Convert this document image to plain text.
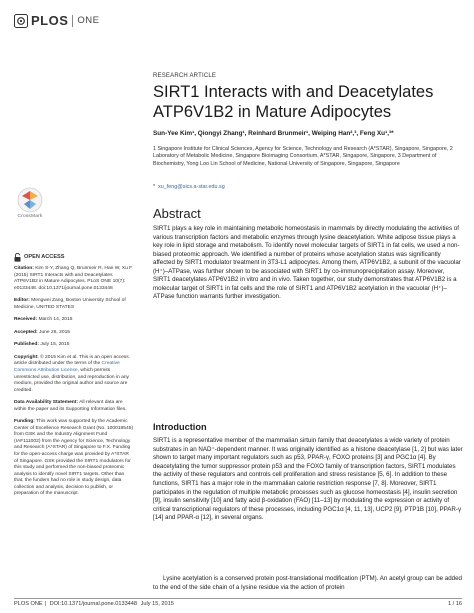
PLOS ONE
RESEARCH ARTICLE
SIRT1 Interacts with and Deacetylates ATP6V1B2 in Mature Adipocytes
Sun-Yee Kim¹, Qiongyi Zhang¹, Reinhard Brunmeir¹, Weiping Han²,³, Feng Xu¹,³*
1 Singapore Institute for Clinical Sciences, Agency for Science, Technology and Research (A*STAR), Singapore, Singapore, 2 Laboratory of Metabolic Medicine, Singapore Bioimaging Consortium, A*STAR, Singapore, Singapore, 3 Department of Biochemistry, Yong Loo Lin School of Medicine, National University of Singapore, Singapore, Singapore
* xu_feng@sics.a-star.edu.sg
Abstract

SIRT1 plays a key role in maintaining metabolic homeostasis in mammals by directly modulating the activities of various transcription factors and metabolic enzymes through lysine deacetylation. White adipose tissue plays a key role in lipid storage and metabolism. To identify novel molecular targets of SIRT1 in fat cells, we used a non-biased proteomic approach. We identified a number of proteins whose acetylation status was significantly affected by SIRT1 modulator treatment in 3T3-L1 adipocytes. Among them, ATP6V1B2, a subunit of the vacuolar (H⁺)–ATPase, was further shown to be associated with SIRT1 by co-immunoprecipitation assay. Moreover, SIRT1 deacetylates ATP6V1B2 in vitro and in vivo. Taken together, our study demonstrates that ATP6V1B2 is a molecular target of SIRT1 in fat cells and the role of SIRT1 and ATP6V1B2 acetylation in the vacuolar (H⁺)–ATPase function warrants further investigation.

Introduction

SIRT1 is a representative member of the mammalian sirtuin family that deacetylates a wide variety of protein substrates in an NAD⁺-dependent manner. It was originally identified as a histone deacetylase [1, 2] but was later shown to target many important regulators such as p53, PPAR-γ, FOXO proteins [3] and PGC1α [4]. By deacetylating the tumor suppressor protein p53 and the FOXO family of transcription factors, SIRT1 modulates the activity of these regulators and controls cell proliferation and stress resistance [5, 6]. In addition to these functions, SIRT1 has a major role in the mammalian calorie restriction response [7, 8]. Moreover, SIRT1 participates in the regulation of multiple metabolic processes such as glucose homeostasis [4], insulin secretion [9], insulin sensitivity [10] and fatty acid β-oxidation (FAO) [11–13] by modulating the expression or activity of critical transcriptional regulators of these processes, including PGC1α [4, 11, 13], UCP2 [9], PTP1B [10], PPAR-γ [14] and PPAR-α [12], in several organs.

Lysine acetylation is a conserved protein post-translational modification (PTM). An acetyl group can be added to the end of the side chain of a lysine residue via the action of protein

CrossMark
OPEN ACCESS

Citation: Kim S-Y, Zhang Q, Brunmeir R, Han W, Xu F (2015) SIRT1 Interacts with and Deacetylates ATP6V1B2 in Mature Adipocytes. PLoS ONE 10(7): e0133448. doi:10.1371/journal.pone.0133448

Editor: Mengwei Zang, Boston University School of Medicine, UNITED STATES

Received: March 14, 2015

Accepted: June 26, 2015

Published: July 15, 2015

Copyright: © 2015 Kim et al. This is an open access article distributed under the terms of the Creative Commons Attribution License, which permits unrestricted use, distribution, and reproduction in any medium, provided the original author and source are credited.

Data Availability Statement: All relevant data are within the paper and its Supporting Information files.

Funding: This work was supported by the Academic Center of Excellence Research Grant (No. 100019545) from GSK and the Industry Alignment Fund (IAF111002) from the Agency for Science, Technology and Research (A*STAR) of Singapore to F.X. Funding for the open-access charge was provided by A*STAR of Singapore. GSK provided the SIRT1 modulators for this study and performed the non-biased proteomic analysis to identify novel SIRT1 targets. Other than that, the funders had no role in study design, data collection and analysis, decision to publish, or preparation of the manuscript.

PLOS ONE | DOI:10.1371/journal.pone.0133448 July 15, 2015	1 / 16
